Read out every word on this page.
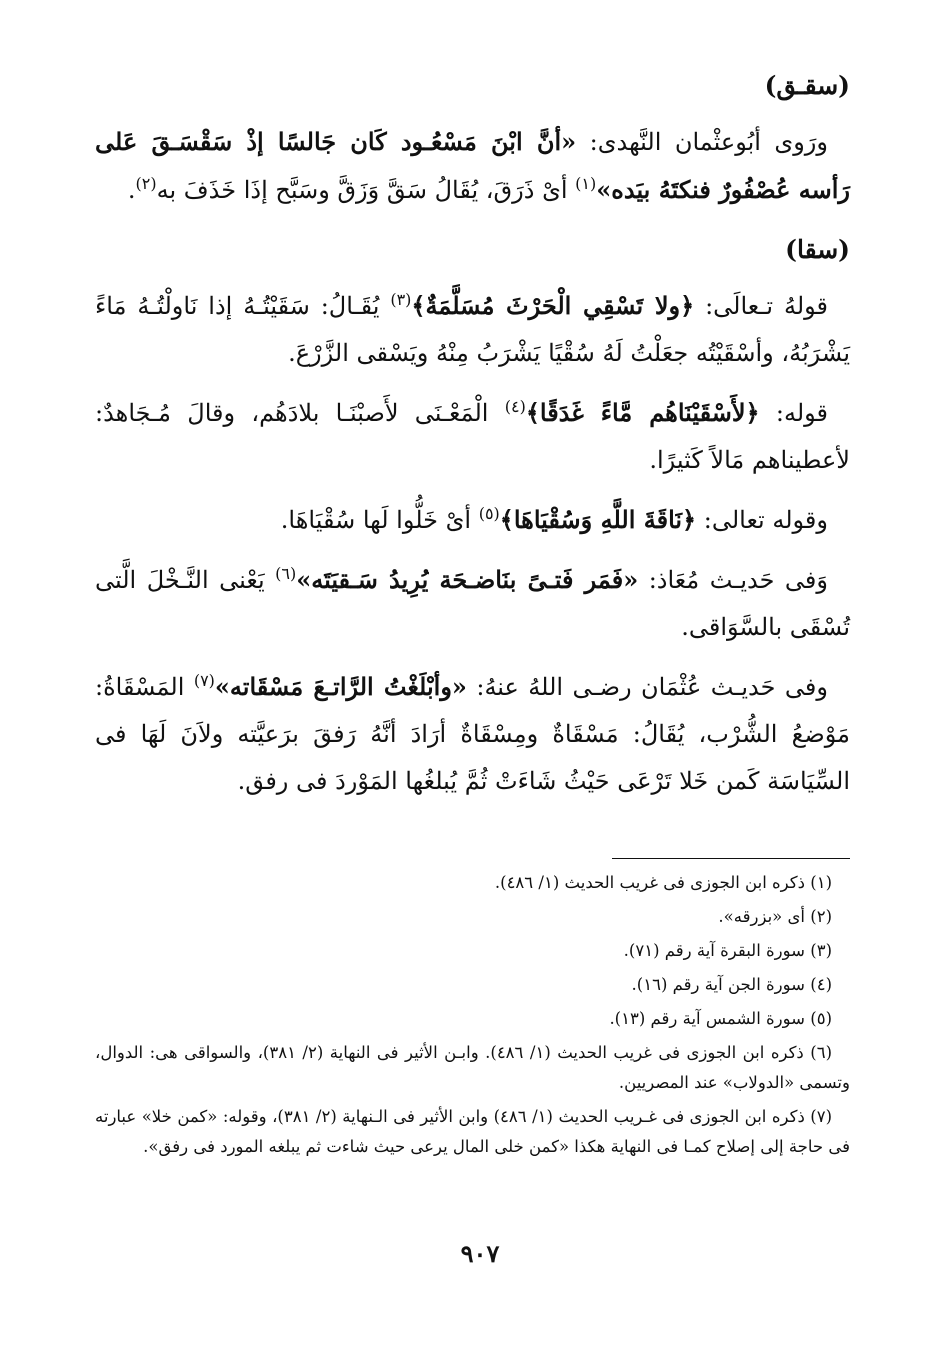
(سقـق)

ورَوى أبُوعثْمان النَّهدى: «أنَّ ابْنَ مَسْعُـود كَان جَالسًا إذْ سَقْسَـقَ عَلى رَأسه عُصْفُورٌ فنكتَهُ بيَده»$^{(١)}$ أىْ ذَرَقَ، يُقَالُ سَقَّ وَزَقَّ وسَبَّح إذَا خَذَفَ به$^{(٢)}$.

(سقا)

قولهُ تـعالَى: ﴿ولا تَسْقِي الْحَرْثَ مُسَلَّمَةٌ﴾$^{(٣)}$ يُقَـالُ: سَقَيْتُـهُ إذا نَاولْتُـهُ مَاءً يَشْرَبُهُ، وأسْقَيْتُه جعَلْتُ لَهُ سُقْيًا يَشْرَبُ مِنْهُ ويَسْقى الزَّرْعَ.

قوله: ﴿لأَسْقَيْنَاهُم مَّاءً غَدَقًا﴾$^{(٤)}$ الْمَعْـنَى لأَصبْنَـا بلادَهُم، وقالَ مُـجَاهدٌ: لأعطيناهم مَالاً كَثيرًا.

وقوله تعالى: ﴿نَاقَةَ اللَّهِ وَسُقْيَاهَا﴾$^{(٥)}$ أىْ خَلُّوا لَها سُقْيَاهَا.

وَفى حَديـث مُعَاذ: «فَمَر فَتـىً بنَاضـحَة يُرِيدُ سَـقيَتَه»$^{(٦)}$ يَعْنى النَّـخْلَ الَّتى تُسْقَى بالسَّوَاقى.

وفى حَديـث عُثْمَان رضـى اللهُ عنهُ: «وأبْلَغْتُ الرَّاتـعَ مَسْقَاته»$^{(٧)}$ المَسْقَاةُ: مَوْضعُ الشُّرْب، يُقَالُ: مَسْقَاةٌ ومِسْقَاةٌ أرَادَ أنَّهُ رَفقَ برَعيَّته ولاَنَ لَهَا فى السِّيَاسَة كَمن خَلا تَرْعَى حَيْثُ شَاءَتْ ثُمَّ يُبلغُها المَوْردَ فى رفق.

(١) ذكره ابن الجوزى فى غريب الحديث (١/ ٤٨٦).

(٢) أى «بزرقه».

(٣) سورة البقرة آية رقم (٧١).

(٤) سورة الجن آية رقم (١٦).

(٥) سورة الشمس آية رقم (١٣).

(٦) ذكره ابن الجوزى فى غريب الحديث (١/ ٤٨٦). وابـن الأثير فى النهاية (٢/ ٣٨١)، والسواقى هى: الدوال، وتسمى «الدولاب» عند المصريين.

(٧) ذكره ابن الجوزى فى غـريب الحديث (١/ ٤٨٦) وابن الأثير فى الـنهاية (٢/ ٣٨١)، وقوله: «كمن خلا» عبارته فى حاجة إلى إصلاح كمـا فى النهاية هكذا «كمن خلى المال يرعى حيث شاءت ثم يبلغه المورد فى رفق».

٩٠٧
